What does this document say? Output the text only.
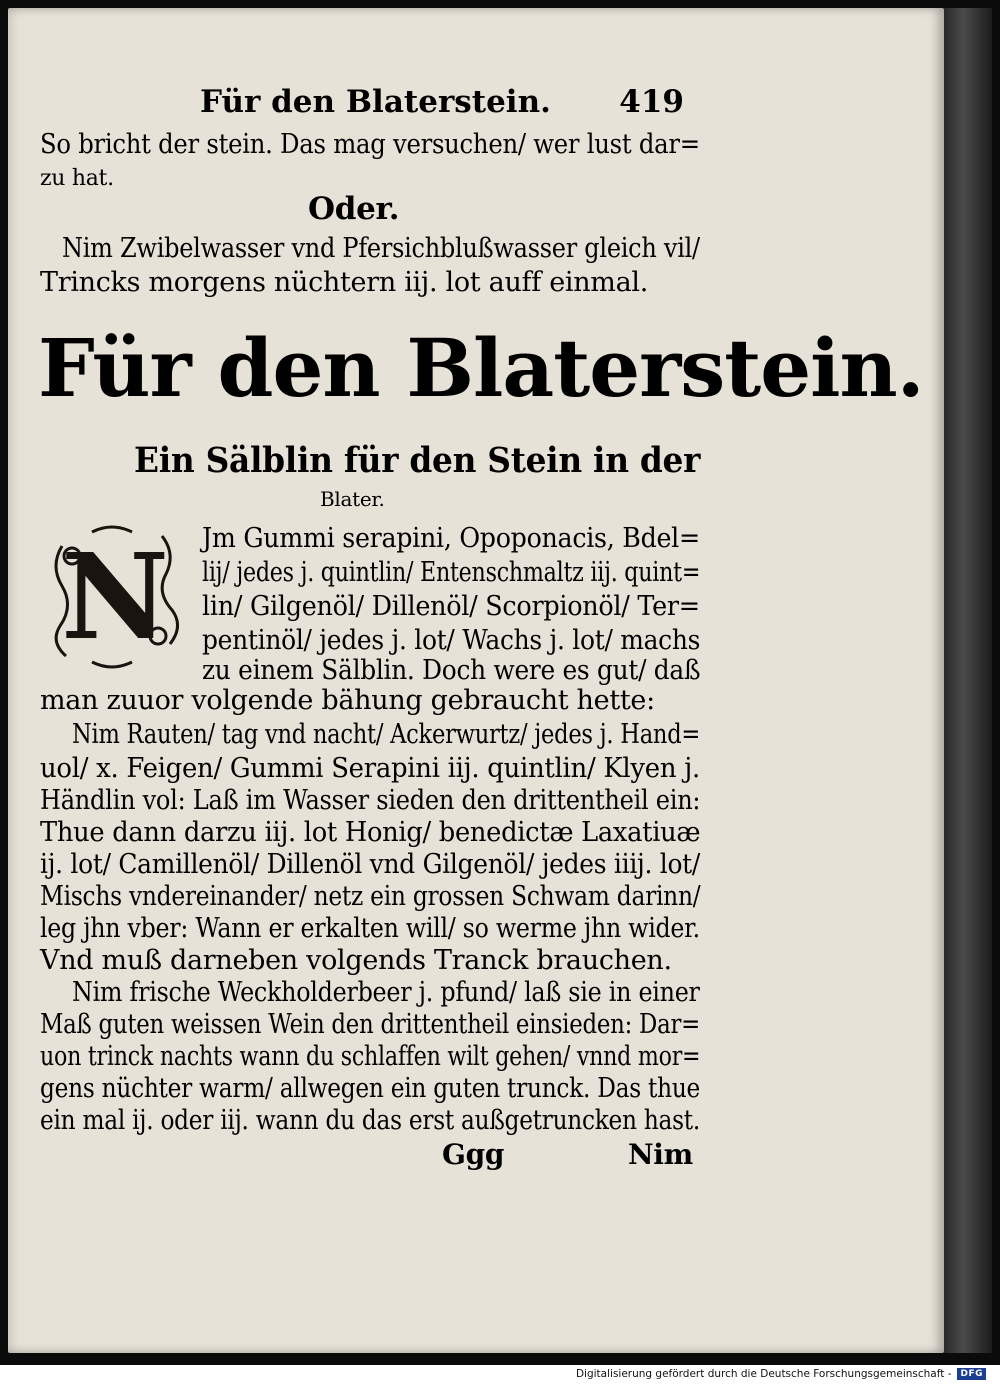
Für den Blaterstein. 419
So bricht der stein. Das mag versuchen/ wer lust dar=
zu hat.
Oder.
Nim Zwibelwasser vnd Pfersichblußwasser gleich vil/
Trincks morgens nüchtern iij. lot auff einmal.
Für den Blaterstein.
Ein Sälblin für den Stein in der
Blater.
N Jm Gummi serapini, Opoponacis, Bdel=
lij/ jedes j. quintlin/ Entenschmaltz iij. quint=
lin/ Gilgenöl/ Dillenöl/ Scorpionöl/ Ter=
pentinöl/ jedes j. lot/ Wachs j. lot/ machs
zu einem Sälblin. Doch were es gut/ daß
man zuuor volgende bähung gebraucht hette:
Nim Rauten/ tag vnd nacht/ Ackerwurtz/ jedes j. Hand=
uol/ x. Feigen/ Gummi Serapini iij. quintlin/ Klyen j.
Händlin vol: Laß im Wasser sieden den drittentheil ein:
Thue dann darzu iij. lot Honig/ benedictæ Laxatiuæ
ij. lot/ Camillenöl/ Dillenöl vnd Gilgenöl/ jedes iiij. lot/
Mischs vndereinander/ netz ein grossen Schwam darinn/
leg jhn vber: Wann er erkalten will/ so werme jhn wider.
Vnd muß darneben volgends Tranck brauchen.
Nim frische Weckholderbeer j. pfund/ laß sie in einer
Maß guten weissen Wein den drittentheil einsieden: Dar=
uon trinck nachts wann du schlaffen wilt gehen/ vnnd mor=
gens nüchter warm/ allwegen ein guten trunck. Das thue
ein mal ij. oder iij. wann du das erst außgetruncken hast.
Ggg	Nim
Digitalisierung gefördert durch die Deutsche Forschungsgemeinschaft -	DFG
